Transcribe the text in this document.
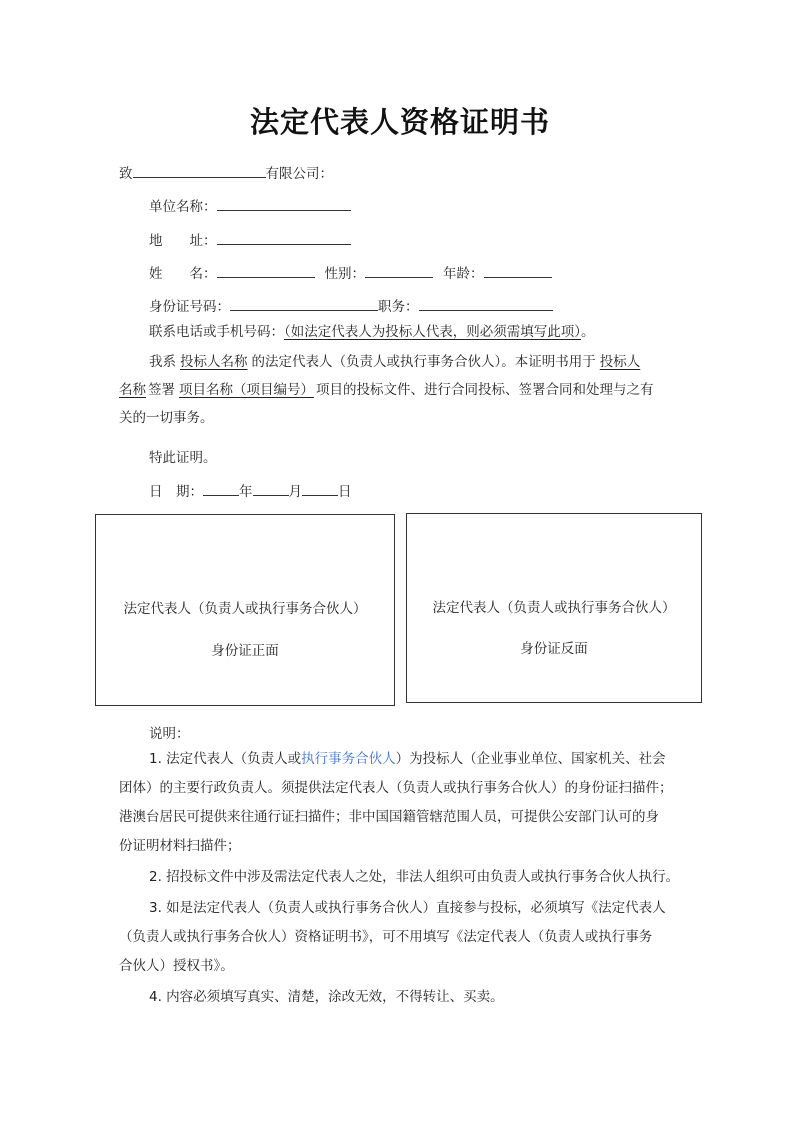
法定代表人资格证明书
致	有限公司：
单位名称：
地　　址：
姓　　名：	性别：	年龄：
身份证号码：	职务：
联系电话或手机号码：（如法定代表人为投标人代表，则必须需填写此项）。
我系 投标人名称 的法定代表人（负责人或执行事务合伙人）。本证明书用于 投标人
名称 签署 项目名称（项目编号） 项目的投标文件、进行合同投标、签署合同和处理与之有
关的一切事务。
特此证明。
日　期：	年	月	日
法定代表人（负责人或执行事务合伙人）
身份证正面
法定代表人（负责人或执行事务合伙人）
身份证反面
说明：
1. 法定代表人（负责人或执行事务合伙人）为投标人（企业事业单位、国家机关、社会
团体）的主要行政负责人。须提供法定代表人（负责人或执行事务合伙人）的身份证扫描件；
港澳台居民可提供来往通行证扫描件；非中国国籍管辖范围人员，可提供公安部门认可的身
份证明材料扫描件；
2. 招投标文件中涉及需法定代表人之处，非法人组织可由负责人或执行事务合伙人执行。
3. 如是法定代表人（负责人或执行事务合伙人）直接参与投标，必须填写《法定代表人
（负责人或执行事务合伙人）资格证明书》，可不用填写《法定代表人（负责人或执行事务
合伙人）授权书》。
4. 内容必须填写真实、清楚，涂改无效，不得转让、买卖。
